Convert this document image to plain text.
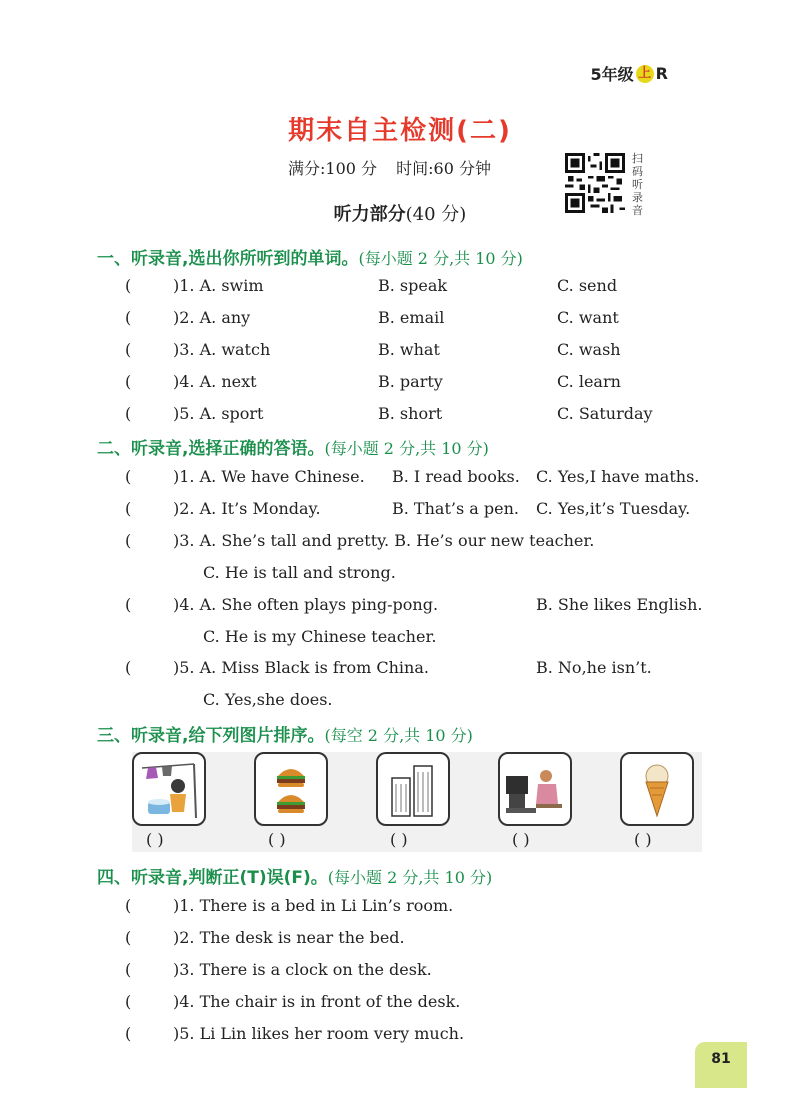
5年级 上 R
期末自主检测(二)
满分:100 分 时间:60 分钟
扫码听录音
听力部分(40 分)
一、听录音,选出你所听到的单词。(每小题 2 分,共 10 分)
(	)1. A. swim	B. speak	C. send
(	)2. A. any	B. email	C. want
(	)3. A. watch	B. what	C. wash
(	)4. A. next	B. party	C. learn
(	)5. A. sport	B. short	C. Saturday
二、听录音,选择正确的答语。(每小题 2 分,共 10 分)
(	)1. A. We have Chinese. B. I read books. C. Yes,I have maths.
(	)2. A. It’s Monday.	B. That’s a pen. C. Yes,it’s Tuesday.
(	)3. A. She’s tall and pretty. B. He’s our new teacher.
C. He is tall and strong.
(	)4. A. She often plays ping-pong.	B. She likes English.
C. He is my Chinese teacher.
(	)5. A. Miss Black is from China.	B. No,he isn’t.
C. Yes,she does.
三、听录音,给下列图片排序。(每空 2 分,共 10 分)
( )	( )	( )	( )	( )
四、听录音,判断正(T)误(F)。(每小题 2 分,共 10 分)
(	)1. There is a bed in Li Lin’s room.
(	)2. The desk is near the bed.
(	)3. There is a clock on the desk.
(	)4. The chair is in front of the desk.
(	)5. Li Lin likes her room very much.
81
